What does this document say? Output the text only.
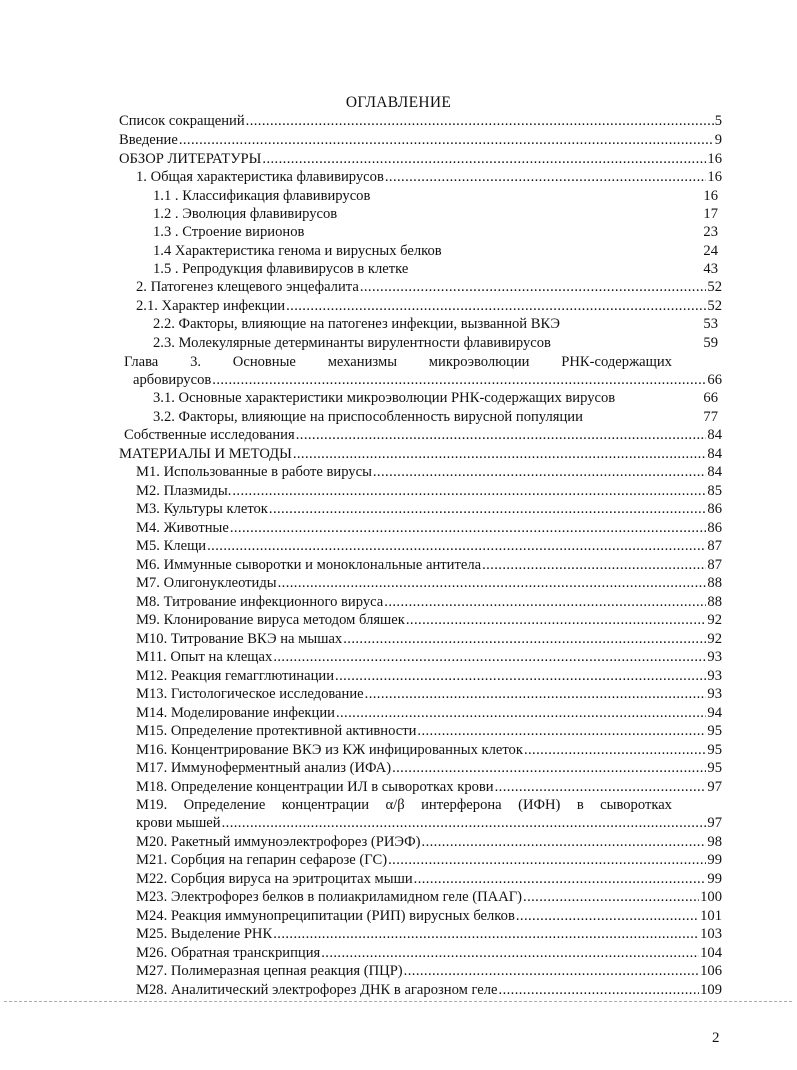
ОГЛАВЛЕНИЕ
Список сокращений .....	5
Введение .....	9
ОБЗОР ЛИТЕРАТУРЫ .....	16
1. Общая характеристика флавивирусов .....	16
1.1 . Классификация флавивирусов	16
1.2 . Эволюция флавивирусов	17
1.3 . Строение вирионов	23
1.4 Характеристика генома и вирусных белков	24
1.5 . Репродукция флавивирусов в клетке	43
2. Патогенез клещевого энцефалита .....	52
2.1. Характер инфекции .....	52
2.2. Факторы, влияющие на патогенез инфекции, вызванной ВКЭ	53
2.3. Молекулярные детерминанты вирулентности флавивирусов	59
Глава 3. Основные механизмы микроэволюции РНК-содержащих
арбовирусов .....	66
3.1. Основные характеристики микроэволюции РНК-содержащих вирусов	66
3.2. Факторы, влияющие на приспособленность вирусной популяции	77
Собственные исследования .....	84
МАТЕРИАЛЫ И МЕТОДЫ .....	84
М1. Использованные в работе вирусы .....	84
М2. Плазмиды. .....	85
М3. Культуры клеток .....	86
М4. Животные .....	86
М5. Клещи .....	87
М6. Иммунные сыворотки и моноклональные антитела .....	87
М7. Олигонуклеотиды .....	88
М8. Титрование инфекционного вируса .....	88
М9. Клонирование вируса методом бляшек .....	92
М10. Титрование ВКЭ на мышах .....	92
М11. Опыт на клещах .....	93
М12. Реакция гемагглютинации .....	93
М13. Гистологическое исследование .....	93
М14. Моделирование инфекции .....	94
М15. Определение протективной активности .....	95
М16. Концентрирование ВКЭ из КЖ инфицированных клеток .....	95
М17. Иммуноферментный анализ (ИФА) .....	95
М18. Определение концентрации ИЛ в сыворотках крови .....	97
М19. Определение концентрации α/β интерферона (ИФН) в сыворотках
крови мышей .....	97
М20. Ракетный иммуноэлектрофорез (РИЭФ) .....	98
М21. Сорбция на гепарин сефарозе (ГС) .....	99
М22. Сорбция вируса на эритроцитах мыши .....	99
М23. Электрофорез белков в полиакриламидном геле (ПААГ) .....	100
М24. Реакция иммунопреципитации (РИП) вирусных белков .....	101
М25. Выделение РНК .....	103
М26. Обратная транскрипция .....	104
М27. Полимеразная цепная реакция (ПЦР) .....	106
М28. Аналитический электрофорез ДНК в агарозном геле .....	109
2
